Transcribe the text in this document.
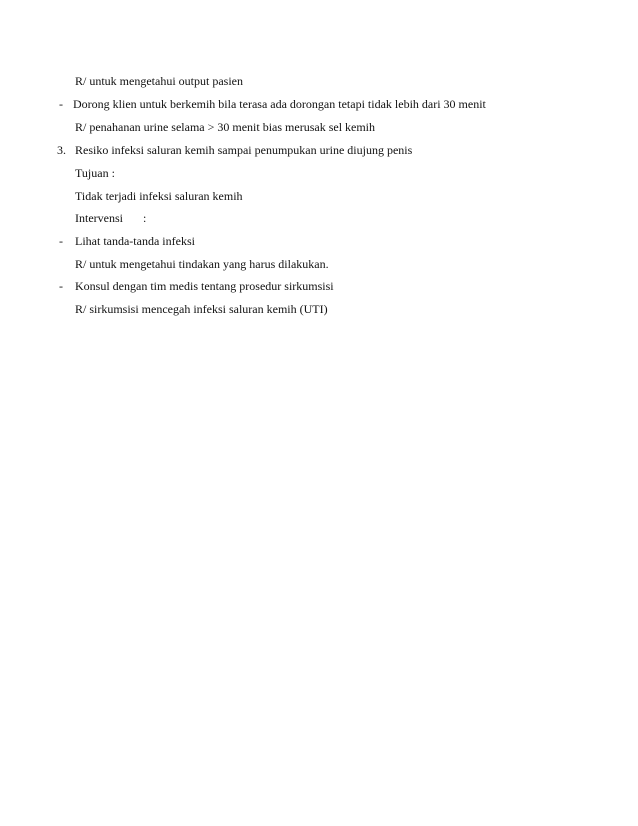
R/ untuk mengetahui output pasien
- Dorong klien untuk berkemih bila terasa ada dorongan tetapi tidak lebih dari 30 menit
R/ penahanan urine selama > 30 menit bias merusak sel kemih
3. Resiko infeksi saluran kemih sampai penumpukan urine diujung penis
Tujuan :
Tidak terjadi infeksi saluran kemih
Intervensi :
- Lihat tanda-tanda infeksi
R/ untuk mengetahui tindakan yang harus dilakukan.
- Konsul dengan tim medis tentang prosedur sirkumsisi
R/ sirkumsisi mencegah infeksi saluran kemih (UTI)
